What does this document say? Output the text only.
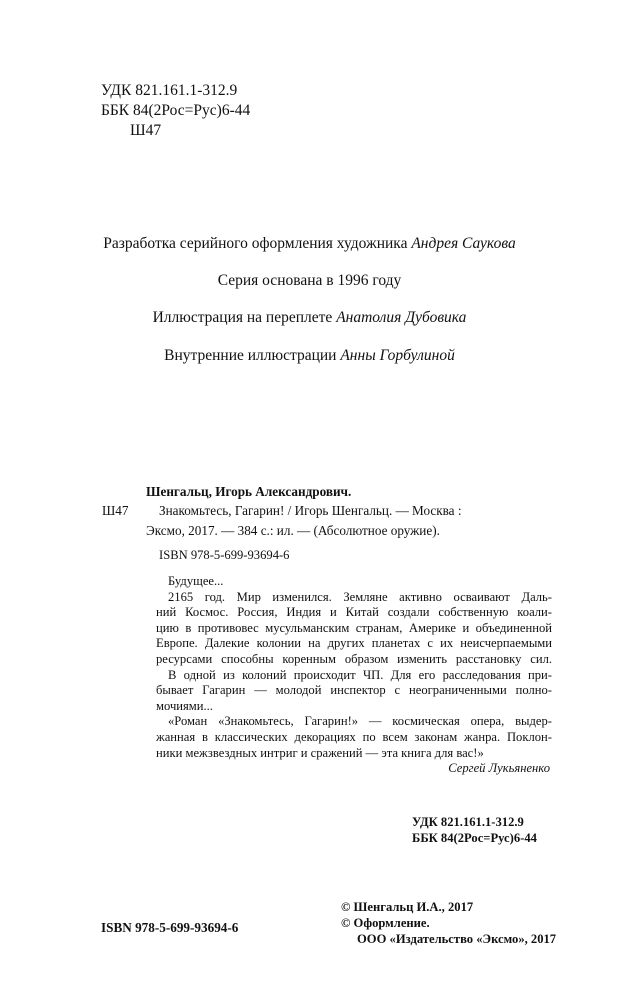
УДК 821.161.1-312.9
ББК 84(2Рос=Рус)6-44
Ш47
Разработка серийного оформления художника Андрея Саукова
Серия основана в 1996 году
Иллюстрация на переплете Анатолия Дубовика
Внутренние иллюстрации Анны Горбулиной
Шенгальц, Игорь Александрович.
Ш47 Знакомьтесь, Гагарин! / Игорь Шенгальц. — Москва :
Эксмо, 2017. — 384 с.: ил. — (Абсолютное оружие).
ISBN 978-5-699-93694-6

Будущее...

2165 год. Мир изменился. Земляне активно осваивают Даль-

ний Космос. Россия, Индия и Китай создали собственную коали-

цию в противовес мусульманским странам, Америке и объединенной

Европе. Далекие колонии на других планетах с их неисчерпаемыми

ресурсами способны коренным образом изменить расстановку сил.

В одной из колоний происходит ЧП. Для его расследования при-

бывает Гагарин — молодой инспектор с неограниченными полно-

мочиями...

«Роман «Знакомьтесь, Гагарин!» — космическая опера, выдер-

жанная в классических декорациях по всем законам жанра. Поклон-

ники межзвездных интриг и сражений — эта книга для вас!»

Сергей Лукьяненко

УДК 821.161.1-312.9
ББК 84(2Рос=Рус)6-44
ISBN 978-5-699-93694-6
© Шенгальц И.А., 2017
© Оформление.
ООО «Издательство «Эксмо», 2017
